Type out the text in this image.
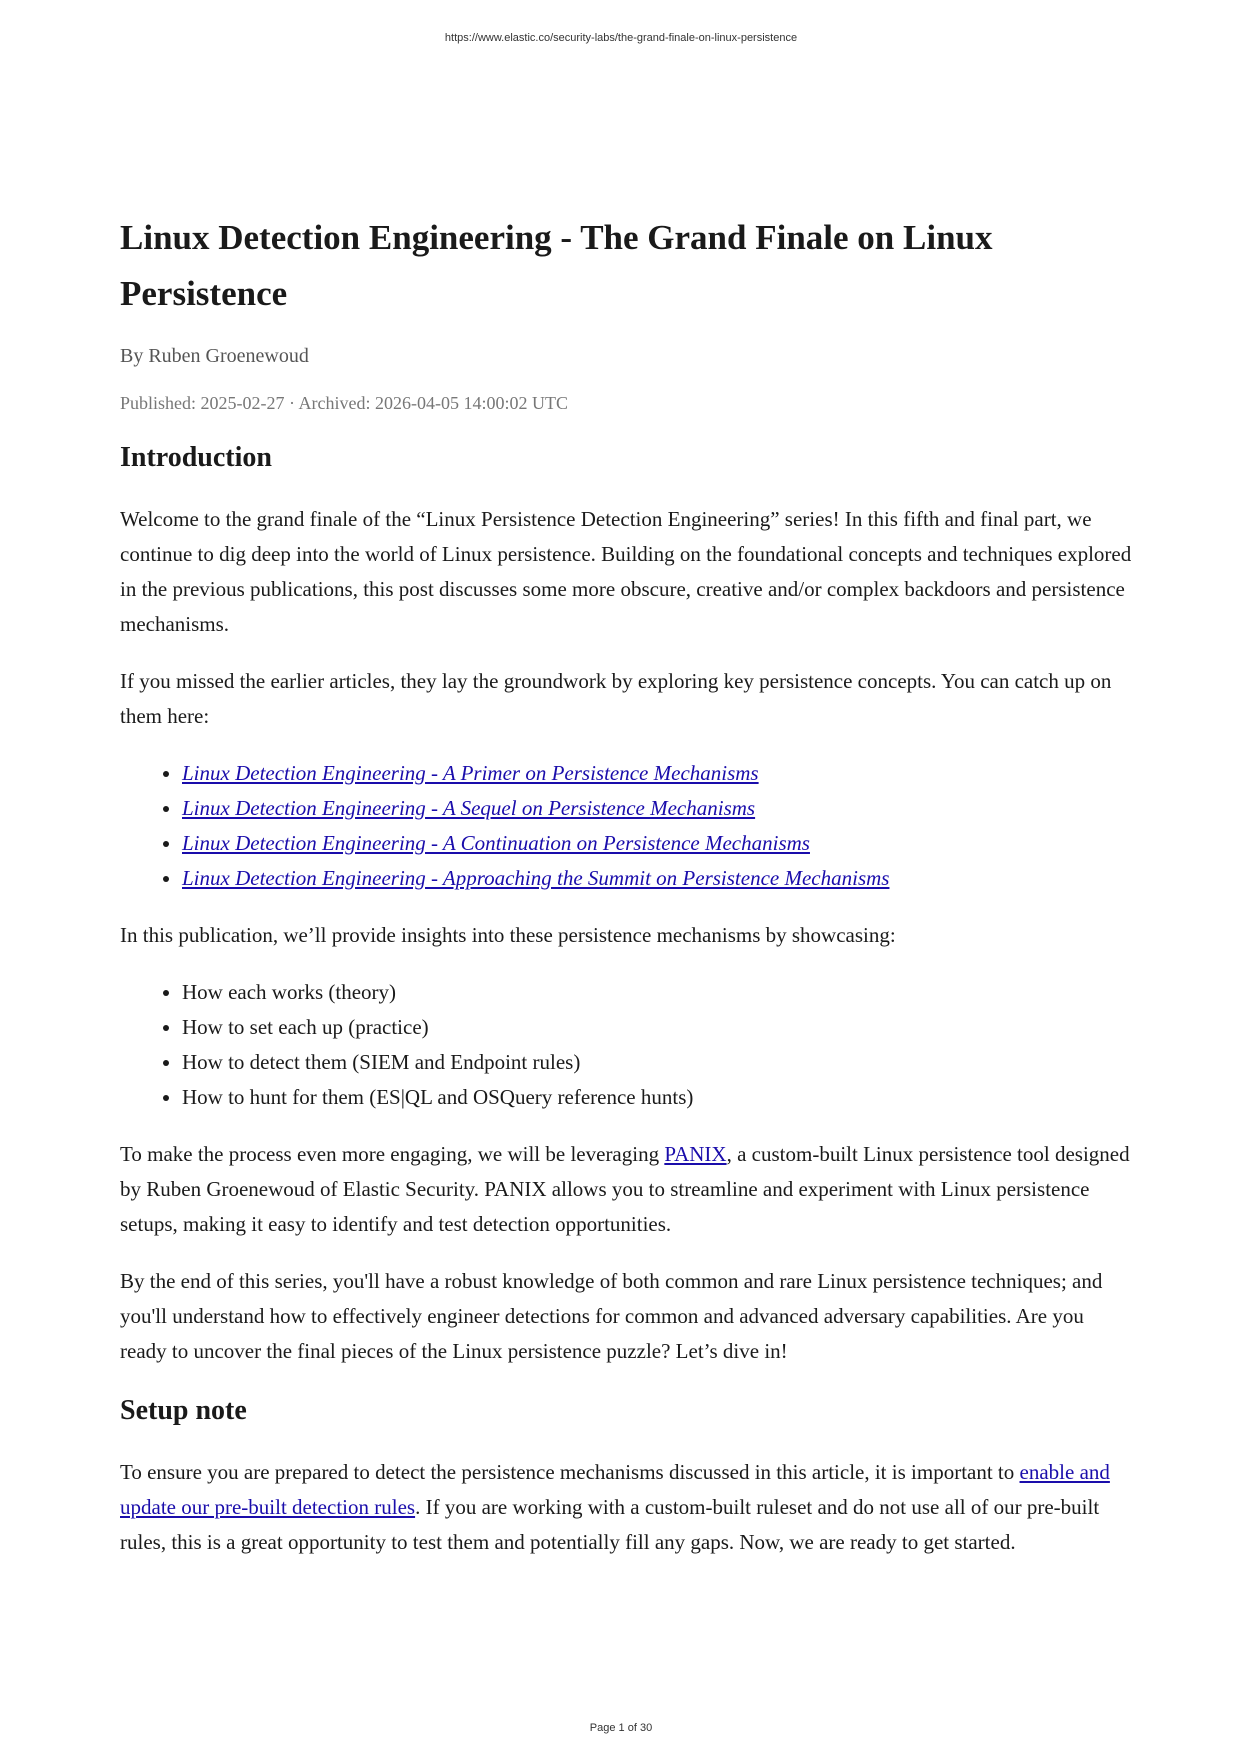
https://www.elastic.co/security-labs/the-grand-finale-on-linux-persistence
Linux Detection Engineering - The Grand Finale on Linux Persistence
By Ruben Groenewoud
Published: 2025-02-27 · Archived: 2026-04-05 14:00:02 UTC
Introduction

Welcome to the grand finale of the “Linux Persistence Detection Engineering” series! In this fifth and final part, we continue to dig deep into the world of Linux persistence. Building on the foundational concepts and techniques explored in the previous publications, this post discusses some more obscure, creative and/or complex backdoors and persistence mechanisms.

If you missed the earlier articles, they lay the groundwork by exploring key persistence concepts. You can catch up on them here:

• Linux Detection Engineering - A Primer on Persistence Mechanisms
• Linux Detection Engineering - A Sequel on Persistence Mechanisms
• Linux Detection Engineering - A Continuation on Persistence Mechanisms
• Linux Detection Engineering - Approaching the Summit on Persistence Mechanisms

In this publication, we’ll provide insights into these persistence mechanisms by showcasing:

• How each works (theory)
• How to set each up (practice)
• How to detect them (SIEM and Endpoint rules)
• How to hunt for them (ES|QL and OSQuery reference hunts)

To make the process even more engaging, we will be leveraging PANIX, a custom-built Linux persistence tool designed by Ruben Groenewoud of Elastic Security. PANIX allows you to streamline and experiment with Linux persistence setups, making it easy to identify and test detection opportunities.

By the end of this series, you'll have a robust knowledge of both common and rare Linux persistence techniques; and you'll understand how to effectively engineer detections for common and advanced adversary capabilities. Are you ready to uncover the final pieces of the Linux persistence puzzle? Let’s dive in!

Setup note

To ensure you are prepared to detect the persistence mechanisms discussed in this article, it is important to enable and update our pre-built detection rules. If you are working with a custom-built ruleset and do not use all of our pre-built rules, this is a great opportunity to test them and potentially fill any gaps. Now, we are ready to get started.

Page 1 of 30
